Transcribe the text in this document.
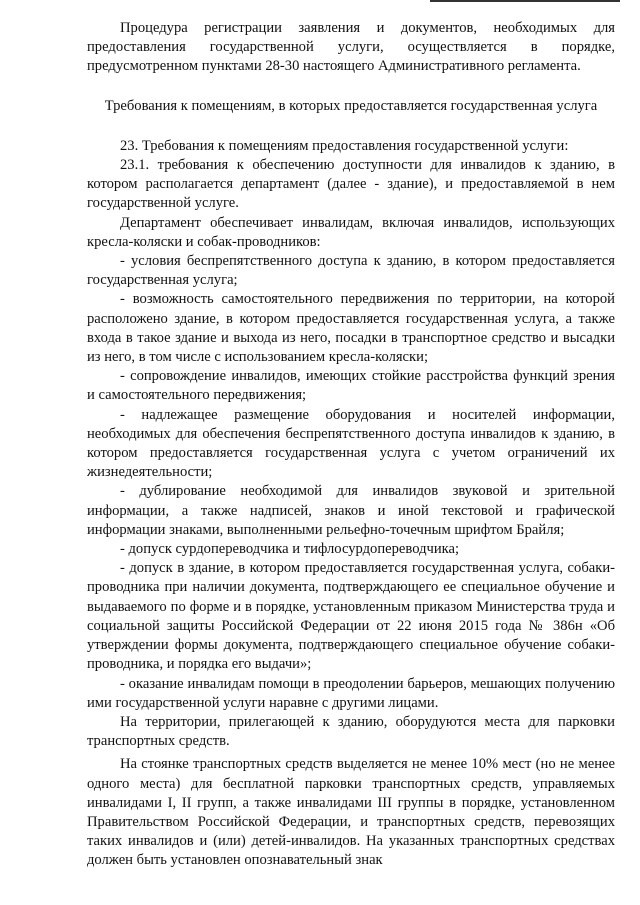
Процедура регистрации заявления и документов, необходимых для предоставления государственной услуги, осуществляется в порядке, предусмотренном пунктами 28-30 настоящего Административного регламента.

Требования к помещениям, в которых предоставляется государственная услуга

23. Требования к помещениям предоставления государственной услуги:

23.1. требования к обеспечению доступности для инвалидов к зданию, в котором располагается департамент (далее - здание), и предоставляемой в нем государственной услуге.

Департамент обеспечивает инвалидам, включая инвалидов, использующих кресла-коляски и собак-проводников:

- условия беспрепятственного доступа к зданию, в котором предоставляется государственная услуга;

- возможность самостоятельного передвижения по территории, на которой расположено здание, в котором предоставляется государственная услуга, а также входа в такое здание и выхода из него, посадки в транспортное средство и высадки из него, в том числе с использованием кресла-коляски;

- сопровождение инвалидов, имеющих стойкие расстройства функций зрения и самостоятельного передвижения;

- надлежащее размещение оборудования и носителей информации, необходимых для обеспечения беспрепятственного доступа инвалидов к зданию, в котором предоставляется государственная услуга с учетом ограничений их жизнедеятельности;

- дублирование необходимой для инвалидов звуковой и зрительной информации, а также надписей, знаков и иной текстовой и графической информации знаками, выполненными рельефно-точечным шрифтом Брайля;

- допуск сурдопереводчика и тифлосурдопереводчика;

- допуск в здание, в котором предоставляется государственная услуга, собаки-проводника при наличии документа, подтверждающего ее специальное обучение и выдаваемого по форме и в порядке, установленным приказом Министерства труда и социальной защиты Российской Федерации от 22 июня 2015 года № 386н «Об утверждении формы документа, подтверждающего специальное обучение собаки-проводника, и порядка его выдачи»;

- оказание инвалидам помощи в преодолении барьеров, мешающих получению ими государственной услуги наравне с другими лицами.

На территории, прилегающей к зданию, оборудуются места для парковки транспортных средств.

На стоянке транспортных средств выделяется не менее 10% мест (но не менее одного места) для бесплатной парковки транспортных средств, управляемых инвалидами I, II групп, а также инвалидами III группы в порядке, установленном Правительством Российской Федерации, и транспортных средств, перевозящих таких инвалидов и (или) детей-инвалидов. На указанных транспортных средствах должен быть установлен опознавательный знак
